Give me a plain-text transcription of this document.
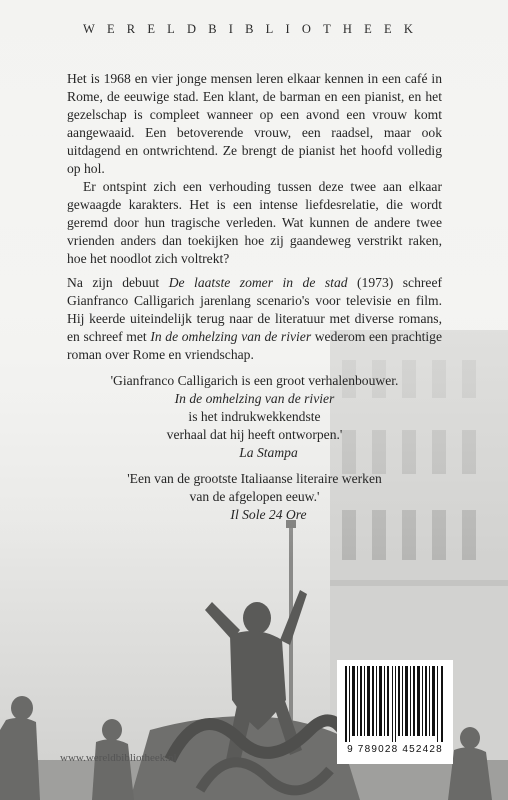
WERELDBIBLIOTHEEK

Het is 1968 en vier jonge mensen leren elkaar kennen in een café in Rome, de eeuwige stad. Een klant, de barman en een pianist, en het gezelschap is compleet wanneer op een avond een vrouw komt aangewaaid. Een betoverende vrouw, een raadsel, maar ook uitdagend en ontwrichtend. Ze brengt de pianist het hoofd volledig op hol.

Er ontspint zich een verhouding tussen deze twee aan elkaar gewaagde karakters. Het is een intense liefdesrelatie, die wordt geremd door hun tragische verleden. Wat kunnen de andere twee vrienden anders dan toekijken hoe zij gaandeweg verstrikt raken, hoe het noodlot zich voltrekt?

Na zijn debuut De laatste zomer in de stad (1973) schreef Gianfranco Calligarich jarenlang scenario's voor televisie en film. Hij keerde uiteindelijk terug naar de literatuur met diverse romans, en schreef met In de omhelzing van de rivier wederom een prachtige roman over Rome en vriendschap.

'Gianfranco Calligarich is een groot verhalenbouwer.
In de omhelzing van de rivier
is het indrukwekkendste
verhaal dat hij heeft ontworpen.'
La Stampa
'Een van de grootste Italiaanse literaire werken
van de afgelopen eeuw.'
Il Sole 24 Ore
www.wereldbibliotheek.nl
9 789028 452428
